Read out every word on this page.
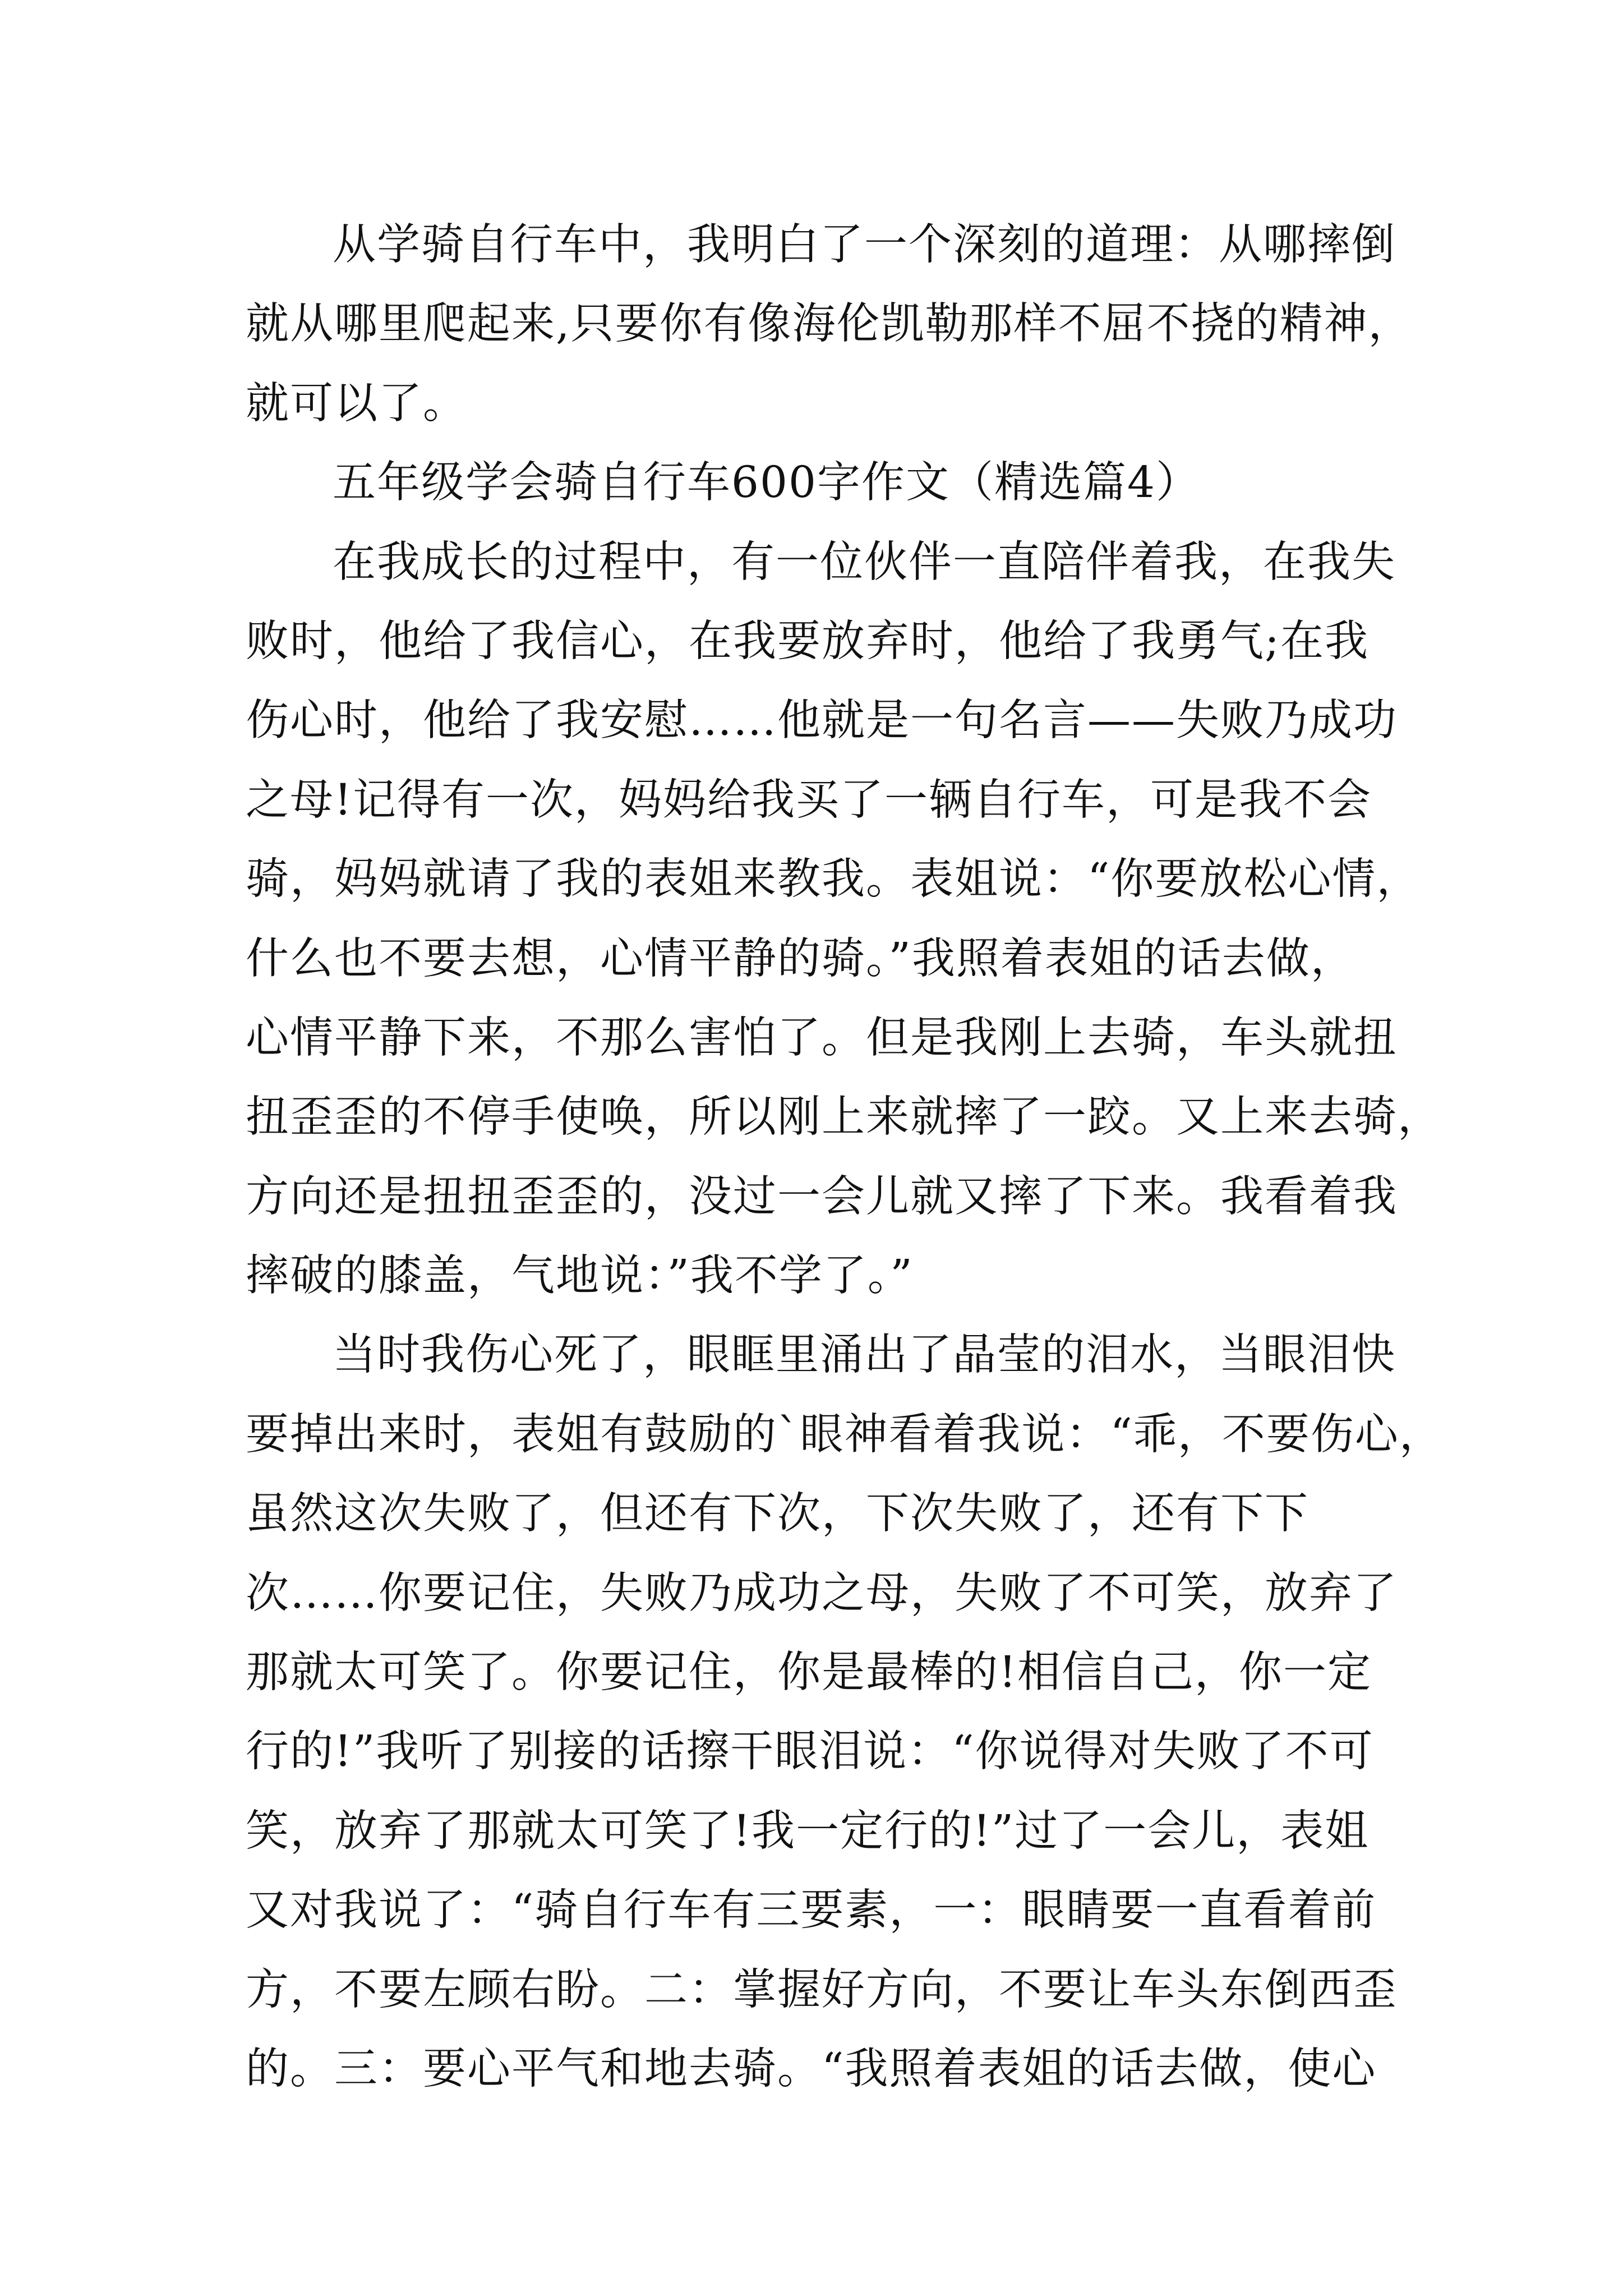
从学骑自行车中，我明白了一个深刻的道理：从哪摔倒
就从哪里爬起来,只要你有像海伦凯勒那样不屈不挠的精神，
就可以了。
五年级学会骑自行车600字作文（精选篇4）
在我成长的过程中，有一位伙伴一直陪伴着我，在我失
败时，他给了我信心，在我要放弃时，他给了我勇气;在我
伤心时，他给了我安慰……他就是一句名言——失败乃成功
之母!记得有一次，妈妈给我买了一辆自行车，可是我不会
骑，妈妈就请了我的表姐来教我。表姐说：“你要放松心情，
什么也不要去想，心情平静的骑。”我照着表姐的话去做，
心情平静下来，不那么害怕了。但是我刚上去骑，车头就扭
扭歪歪的不停手使唤，所以刚上来就摔了一跤。又上来去骑，
方向还是扭扭歪歪的，没过一会儿就又摔了下来。我看着我
摔破的膝盖，气地说：”我不学了。”
当时我伤心死了，眼眶里涌出了晶莹的泪水，当眼泪快
要掉出来时，表姐有鼓励的`眼神看着我说：“乖，不要伤心，
虽然这次失败了，但还有下次，下次失败了，还有下下
次……你要记住，失败乃成功之母，失败了不可笑，放弃了
那就太可笑了。你要记住，你是最棒的!相信自己，你一定
行的!”我听了别接的话擦干眼泪说：“你说得对失败了不可
笑，放弃了那就太可笑了!我一定行的!”过了一会儿，表姐
又对我说了：“骑自行车有三要素，一：眼睛要一直看着前
方，不要左顾右盼。二：掌握好方向，不要让车头东倒西歪
的。三：要心平气和地去骑。“我照着表姐的话去做，使心
